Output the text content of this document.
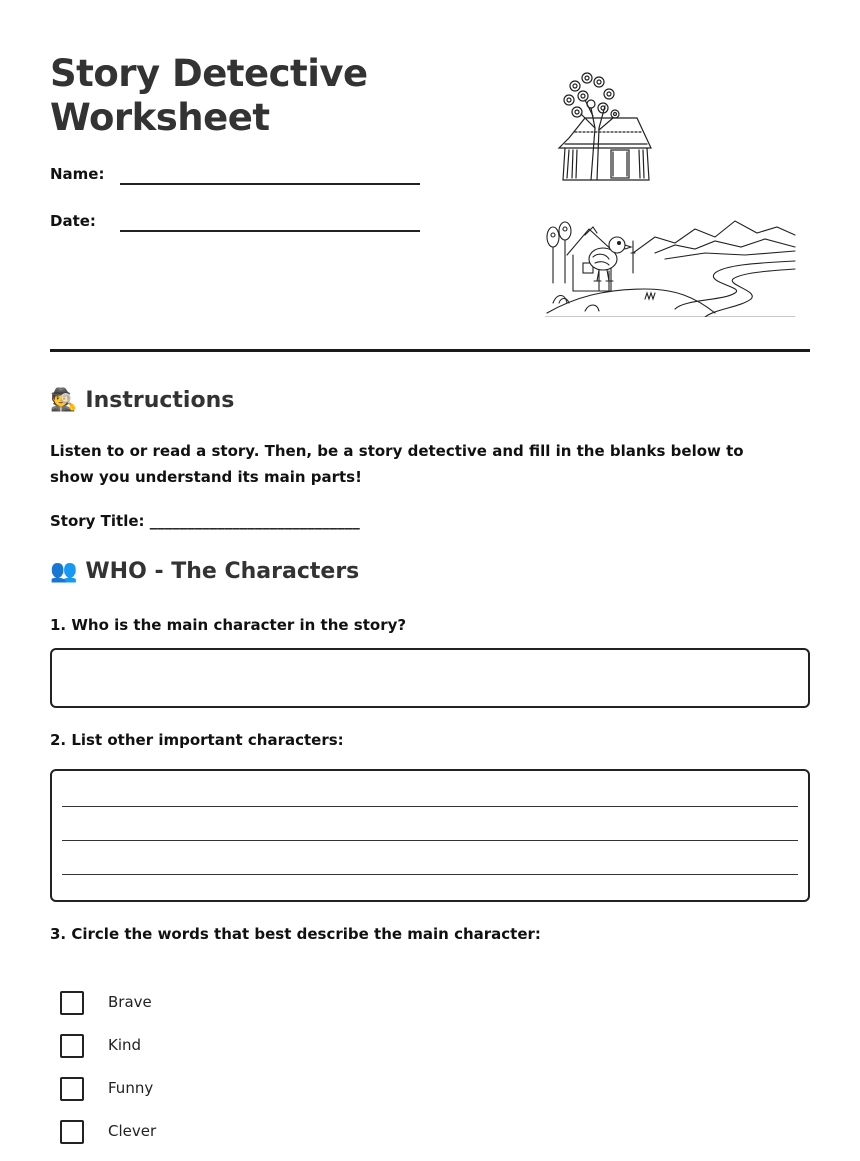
Story Detective
Worksheet
Name:
Date:
🕵️ Instructions

Listen to or read a story. Then, be a story detective and fill in the blanks below to show you understand its main parts!

Story Title: ____________________________
👥 WHO - The Characters
1. Who is the main character in the story?
2. List other important characters:
3. Circle the words that best describe the main character:
Brave
Kind
Funny
Clever
